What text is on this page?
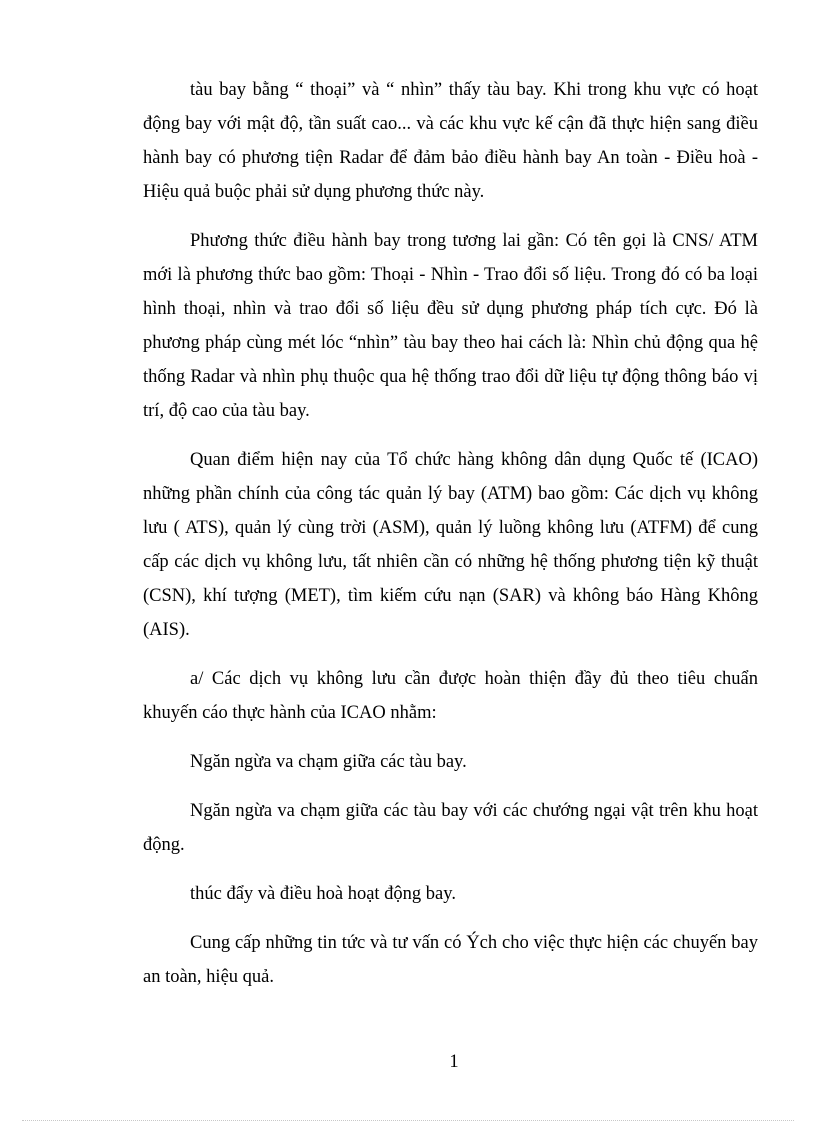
tàu bay bằng “ thoại” và “ nhìn” thấy tàu bay. Khi trong khu vực có hoạt động bay với mật độ, tần suất cao... và các khu vực kế cận đã thực hiện sang điều hành bay có phương tiện Radar để đảm bảo điều hành bay An toàn - Điều hoà - Hiệu quả buộc phải sử dụng phương thức này.

Phương thức điều hành bay trong tương lai gần: Có tên gọi là CNS/ ATM mới là phương thức bao gồm: Thoại - Nhìn - Trao đổi số liệu. Trong đó có ba loại hình thoại, nhìn và trao đổi số liệu đều sử dụng phương pháp tích cực. Đó là phương pháp cùng mét lóc “nhìn” tàu bay theo hai cách là: Nhìn chủ động qua hệ thống Radar và nhìn phụ thuộc qua hệ thống trao đổi dữ liệu tự động thông báo vị trí, độ cao của tàu bay.

Quan điểm hiện nay của Tổ chức hàng không dân dụng Quốc tế (ICAO) những phần chính của công tác quản lý bay (ATM) bao gồm: Các dịch vụ không lưu ( ATS), quản lý cùng trời (ASM), quản lý luồng không lưu (ATFM) để cung cấp các dịch vụ không lưu, tất nhiên cần có những hệ thống phương tiện kỹ thuật (CSN), khí tượng (MET), tìm kiếm cứu nạn (SAR) và không báo Hàng Không (AIS).

a/ Các dịch vụ không lưu cần được hoàn thiện đầy đủ theo tiêu chuẩn khuyến cáo thực hành của ICAO nhằm:

Ngăn ngừa va chạm giữa các tàu bay.

Ngăn ngừa va chạm giữa các tàu bay với các chướng ngại vật trên khu hoạt động.

thúc đẩy và điều hoà hoạt động bay.

Cung cấp những tin tức và tư vấn có Ých cho việc thực hiện các chuyến bay an toàn, hiệu quả.

1
